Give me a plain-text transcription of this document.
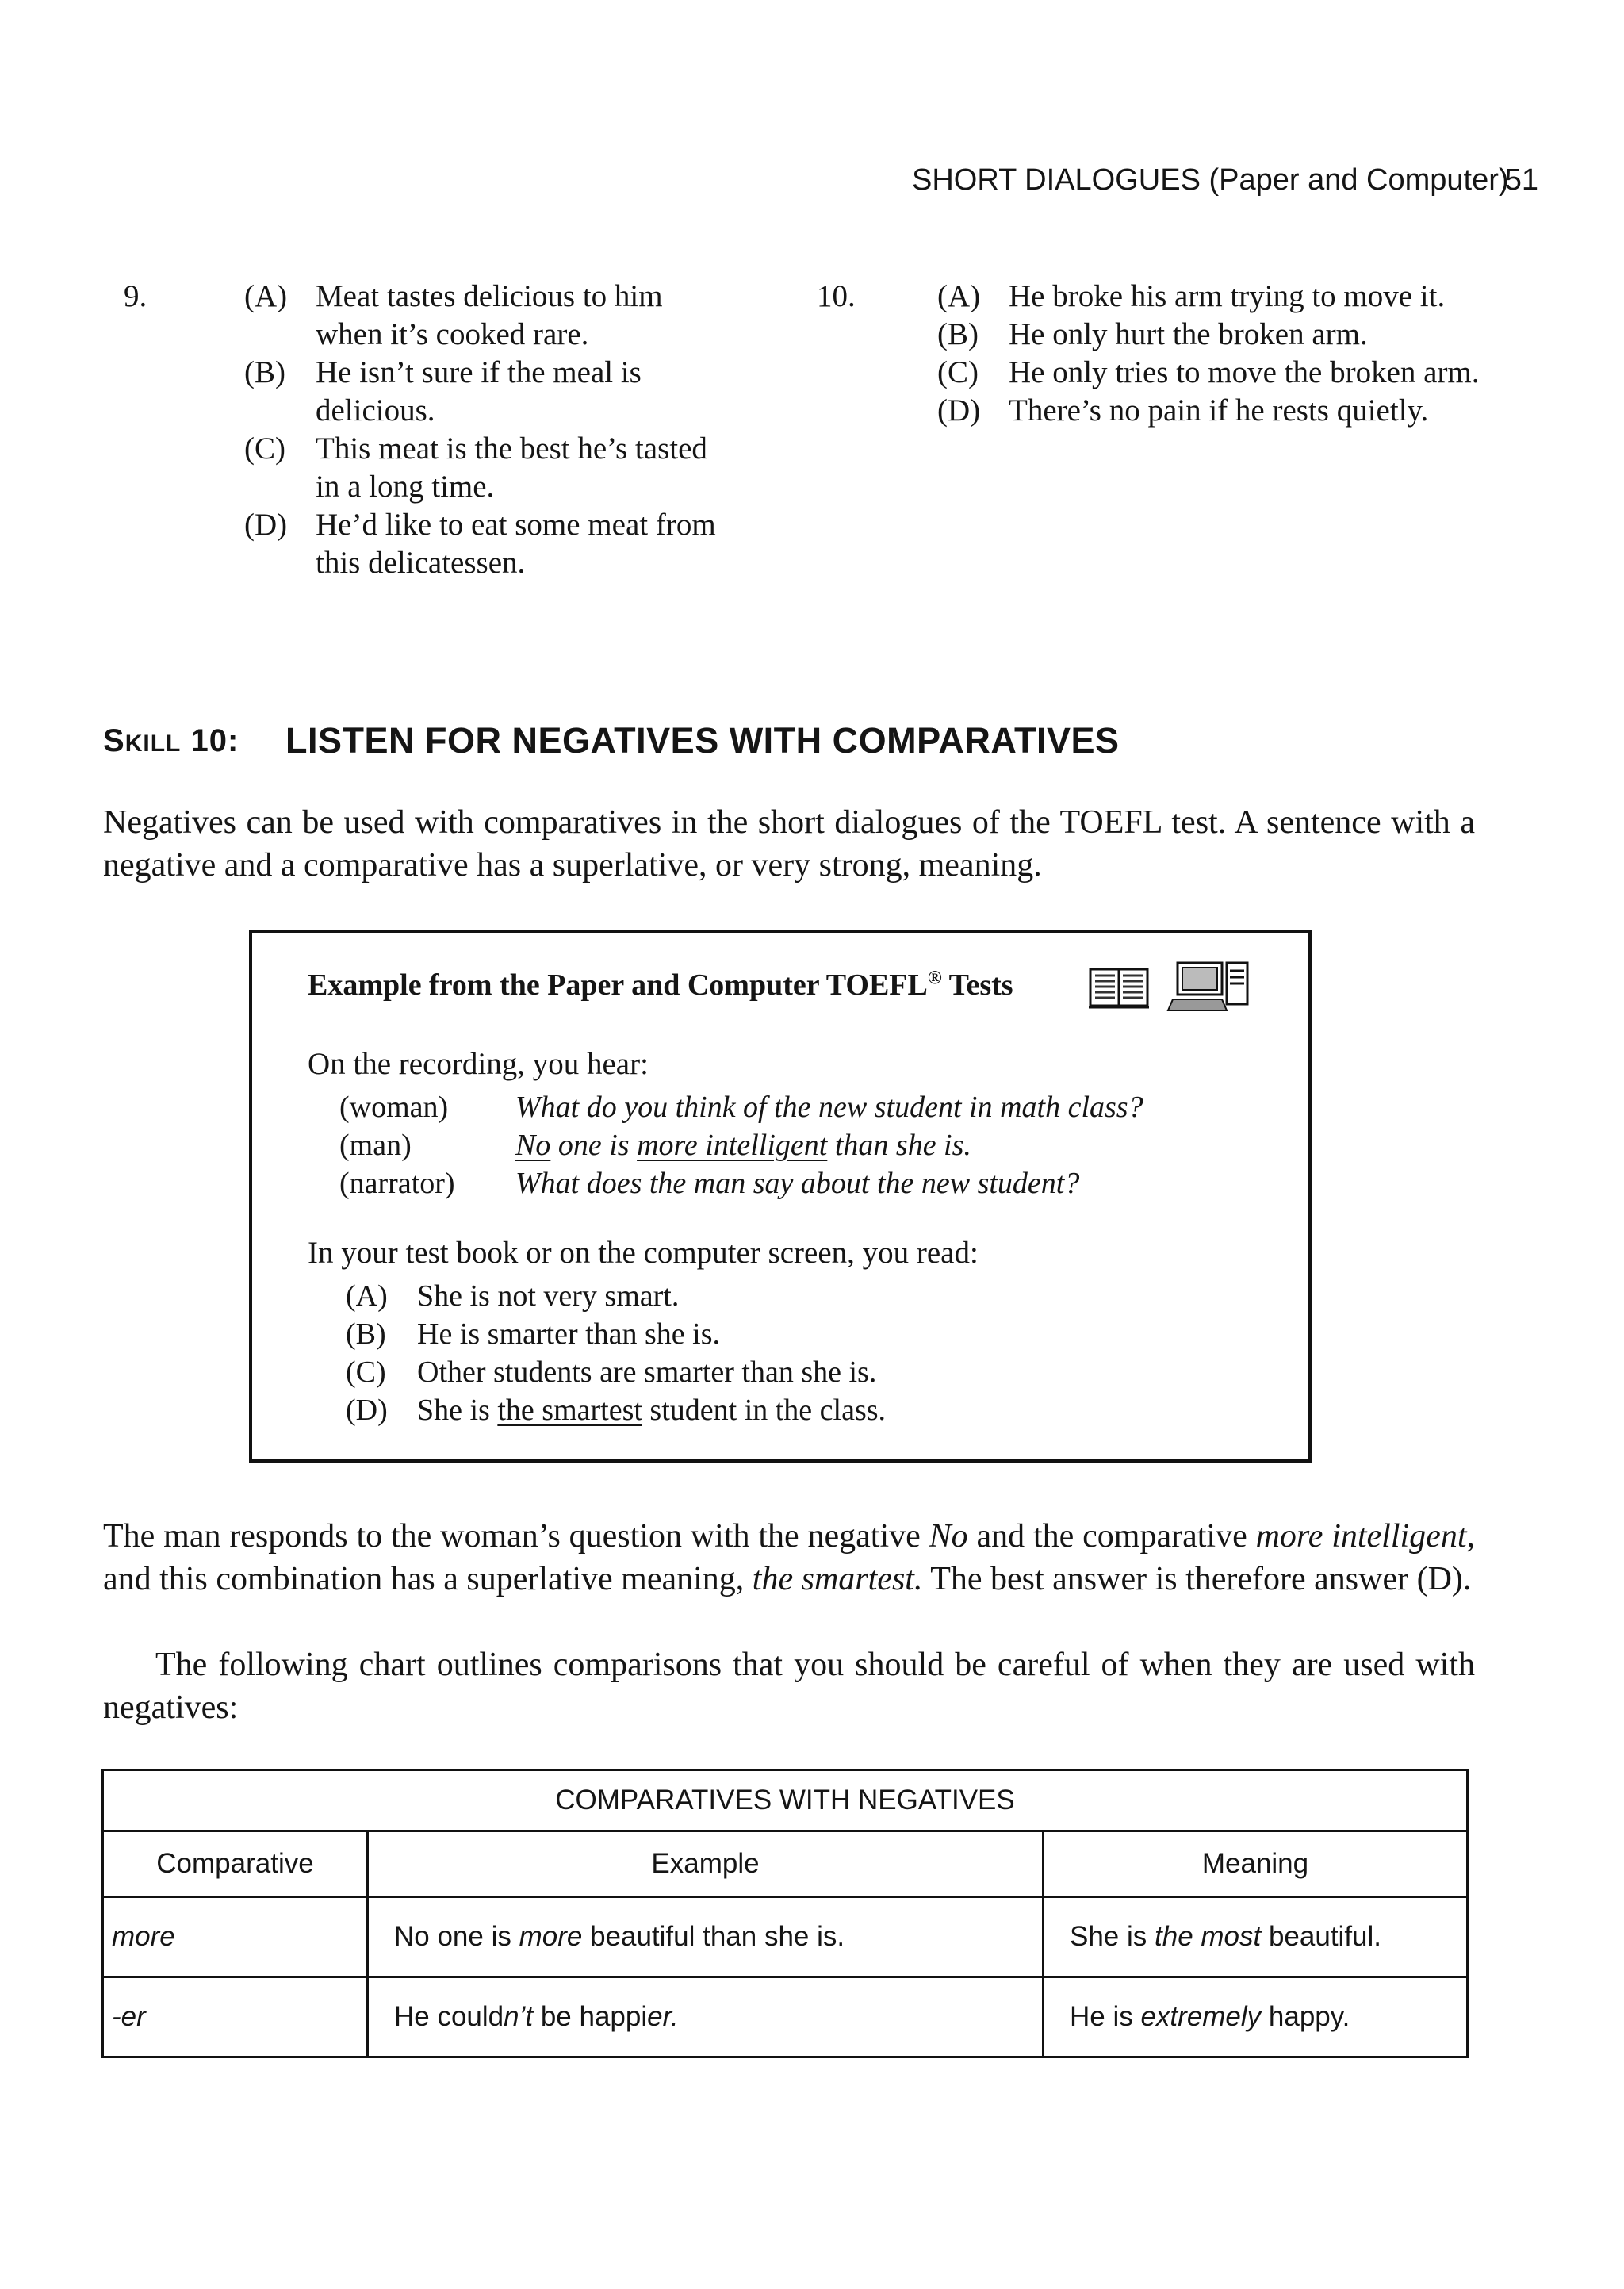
SHORT DIALOGUES (Paper and Computer)
51
9.	(A) Meat tastes delicious to him when it’s cooked rare.
(B) He isn’t sure if the meal is delicious.
(C) This meat is the best he’s tasted in a long time.
(D) He’d like to eat some meat from this delicatessen.
10.	(A) He broke his arm trying to move it.
(B) He only hurt the broken arm.
(C) He only tries to move the broken arm.
(D) There’s no pain if he rests quietly.
SKILL 10: LISTEN FOR NEGATIVES WITH COMPARATIVES

Negatives can be used with comparatives in the short dialogues of the TOEFL test. A sentence with a negative and a comparative has a superlative, or very strong, meaning.

Example from the Paper and Computer TOEFL® Tests
On the recording, you hear:
(woman) What do you think of the new student in math class?
(man)	No one is more intelligent than she is.
(narrator) What does the man say about the new student?
In your test book or on the computer screen, you read:
(A) She is not very smart.
(B) He is smarter than she is.
(C) Other students are smarter than she is.
(D) She is the smartest student in the class.

The man responds to the woman’s question with the negative No and the comparative more intelligent, and this combination has a superlative meaning, the smartest. The best answer is therefore answer (D).

The following chart outlines comparisons that you should be careful of when they are used with negatives:

COMPARATIVES WITH NEGATIVES		
Comparative	Example	Meaning
more	No one is more beautiful than she is.	She is the most beautiful.
-er	He couldn’t be happier.	He is extremely happy.
